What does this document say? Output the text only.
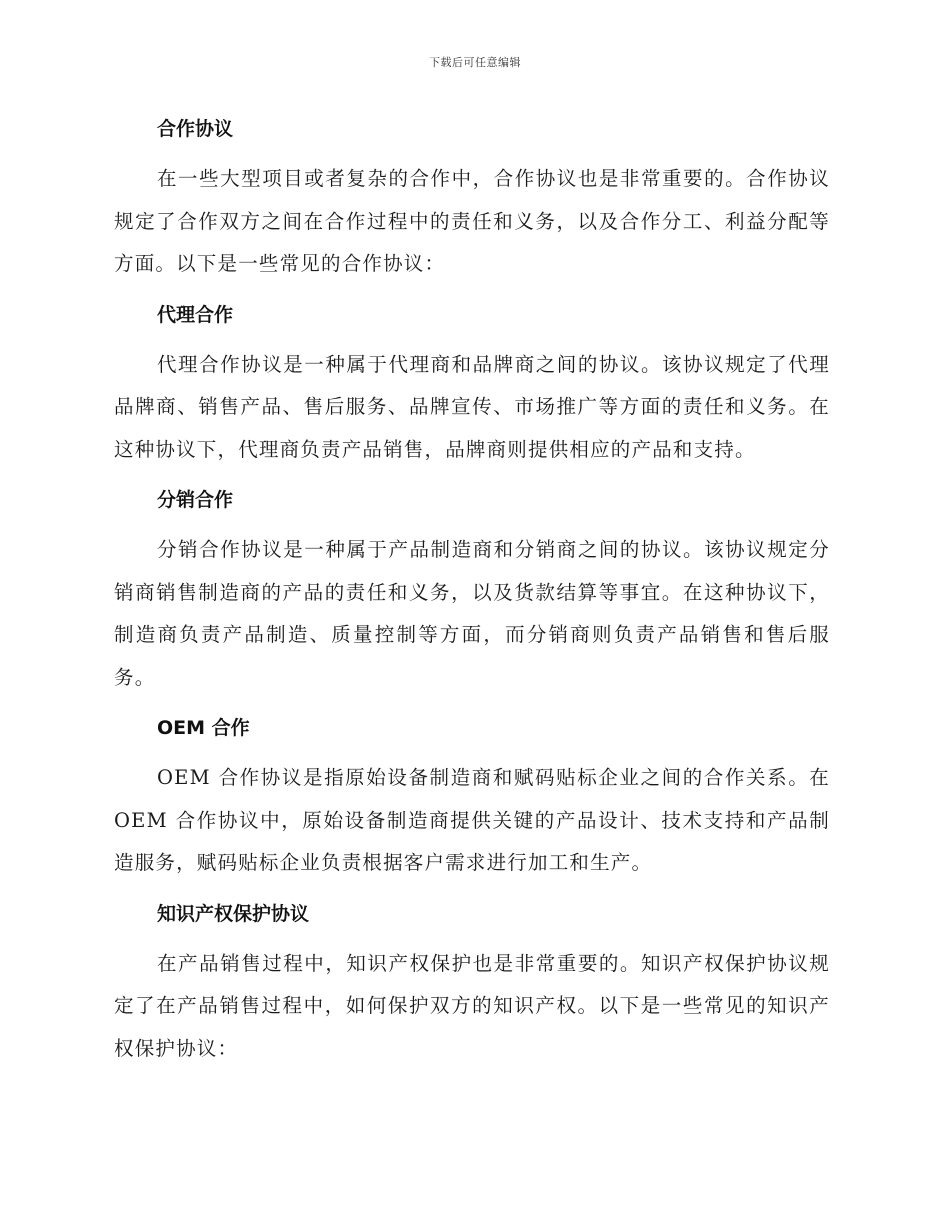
下载后可任意编辑
合作协议

在一些大型项目或者复杂的合作中，合作协议也是非常重要的。合作协议规定了合作双方之间在合作过程中的责任和义务，以及合作分工、利益分配等方面。以下是一些常见的合作协议：

代理合作

代理合作协议是一种属于代理商和品牌商之间的协议。该协议规定了代理品牌商、销售产品、售后服务、品牌宣传、市场推广等方面的责任和义务。在这种协议下，代理商负责产品销售，品牌商则提供相应的产品和支持。

分销合作

分销合作协议是一种属于产品制造商和分销商之间的协议。该协议规定分销商销售制造商的产品的责任和义务，以及货款结算等事宜。在这种协议下，制造商负责产品制造、质量控制等方面，而分销商则负责产品销售和售后服务。

OEM 合作

OEM 合作协议是指原始设备制造商和赋码贴标企业之间的合作关系。在 OEM 合作协议中，原始设备制造商提供关键的产品设计、技术支持和产品制造服务，赋码贴标企业负责根据客户需求进行加工和生产。

知识产权保护协议

在产品销售过程中，知识产权保护也是非常重要的。知识产权保护协议规定了在产品销售过程中，如何保护双方的知识产权。以下是一些常见的知识产权保护协议：
